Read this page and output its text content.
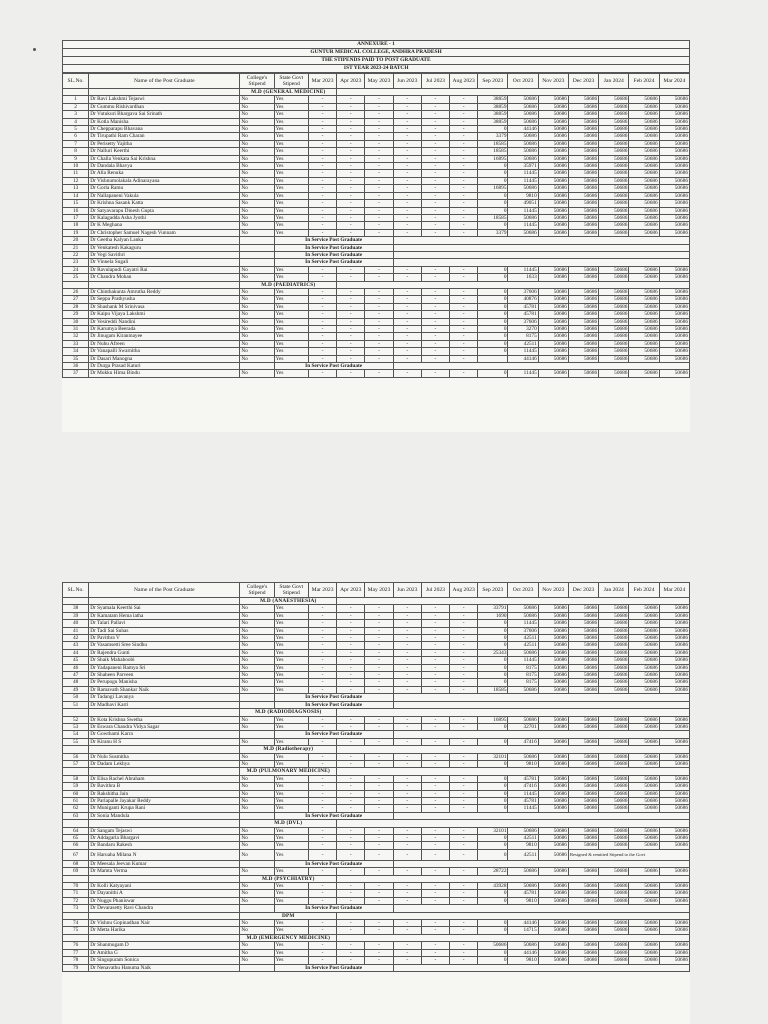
ANNEXURE - 1
GUNTUR MEDICAL COLLEGE, ANDHRA PRADESH
THE STIPENDS PAID TO POST GRADUATE
1ST YEAR 2023-24 BATCH
SL.No.	Name of the Post Graduate	College's Stipend	State Govt Stipend	Mar 2023	Apr 2023	May 2023	Jun 2023	Jul 2023	Aug 2023	Sep 2023	Oct 2023	Nov 2023	Dec 2023	Jan 2024	Feb 2024	Mar 2024
		M.D (GENERAL MEDICINE)														
1	Dr Ravi Lakshmi Tejaswi	No	Yes	-	-	-	-	-	-	38859	50686	50686	50686	50686	50686	50686
2	Dr Gummu Rishivardhan	No	Yes	-	-	-	-	-	-	38859	50686	50686	50686	50686	50686	50686
3	Dr Vutukuri Bhargava Sai Srinath	No	Yes	-	-	-	-	-	-	38859	50686	50686	50686	50686	50686	50686
4	Dr Kotla Manisha	No	Yes	-	-	-	-	-	-	38859	50686	50686	50686	50686	50686	50686
5	Dr Chepparapu Bhavana	No	Yes	-	-	-	-	-	-	0	44146	50686	50686	50686	50686	50686
6	Dr Tirupathi Ram Charan	No	Yes	-	-	-	-	-	-	3379	50686	50686	50686	50686	50686	50686
7	Dr Perisetty Yajitha	No	Yes	-	-	-	-	-	-	18585	50686	50686	50686	50686	50686	50686
8	Dr Nalluri Keerthi	No	Yes	-	-	-	-	-	-	18585	50686	50686	50686	50686	50686	50686
9	Dr Challa Venkata Sai Krishna	No	Yes	-	-	-	-	-	-	16895	50686	50686	50686	50686	50686	50686
10	Dr Dandala Bhavya	No	Yes	-	-	-	-	-	-	0	35971	50686	50686	50686	50686	50686
11	Dr Alla Renuka	No	Yes	-	-	-	-	-	-	0	11445	50686	50686	50686	50686	50686
12	Dr Vishnumolakala Adinarayana	No	Yes	-	-	-	-	-	-	0	11445	50686	50686	50686	50686	50686
13	Dr Gorla Ramu	No	Yes	-	-	-	-	-	-	16895	50686	50686	50686	50686	50686	50686
14	Dr Nallapaneni Vakula	No	Yes	-	-	-	-	-	-	0	9810	50686	50686	50686	50686	50686
15	Dr Krishna Sasank Katta	No	Yes	-	-	-	-	-	-	0	49051	50686	50686	50686	50686	50686
16	Dr Satyavarapu Dinesh Gupta	No	Yes	-	-	-	-	-	-	0	11445	50686	50686	50686	50686	50686
17	Dr Kalagadda Asha Jyothi	No	Yes	-	-	-	-	-	-	18585	50686	50686	50686	50686	50686	50686
18	Dr K Meghana	No	Yes	-	-	-	-	-	-	0	11445	50686	50686	50686	50686	50686
19	Dr Christopher Samuel Nagesh Vunnam	No	Yes	-	-	-	-	-	-	3379	50686	50686	50686	50686	50686	50686
20	Dr Geetha Kalyan Lanka		In Service Post Graduate													
21	Dr Venkatesh Kakaguru		In Service Post Graduate													
22	Dr Vegi Savithri		In Service Post Graduate													
23	Dr Vinnela Sugali		In Service Post Graduate													
24	Dr Ravulapudi Gayatri Rai	No	Yes	-	-	-	-	-	-	0	11445	50686	50686	50686	50686	50686
25	Dr Chandra Mohan	No	Yes	-	-	-	-	-	-	0	1633	50686	50686	50686	50686	50686
		M.D (PAEDIATRICS)														
26	Dr Chinthakunta Amrutha Reddy	No	Yes	-	-	-	-	-	-	0	37606	50686	50686	50686	50686	50686
27	Dr Seppa Prathyusha	No	Yes	-	-	-	-	-	-	0	40876	50686	50686	50686	50686	50686
28	Dr Shashank M Srinivasa	No	Yes	-	-	-	-	-	-	0	45781	50686	50686	50686	50686	50686
29	Dr Kaipu Vijaya Lakshmi	No	Yes	-	-	-	-	-	-	0	45781	50686	50686	50686	50686	50686
30	Dr Vesireddi Nandini	No	Yes	-	-	-	-	-	-	0	37606	50686	50686	50686	50686	50686
31	Dr Karumya Beerada	No	Yes	-	-	-	-	-	-	0	3270	50686	50686	50686	50686	50686
32	Dr Jinugam Kiranmayee	No	Yes	-	-	-	-	-	-	0	8175	50686	50686	50686	50686	50686
33	Dr Nuhu Afreen	No	Yes	-	-	-	-	-	-	0	42511	50686	50686	50686	50686	50686
34	Dr Vanapalli Swarnitha	No	Yes	-	-	-	-	-	-	0	11445	50686	50686	50686	50686	50686
35	Dr Dasari Manogna	No	Yes	-	-	-	-	-	-		44146	50686	50686	50686	50686	50686
36	Dr Durga Prasad Katuri		In Service Post Graduate													
37	Dr Mukku Hima Bindu	No	Yes	-	-	-	-	-	-	0	11445	50686	50686	50686	50686	50686
SL.No.	Name of the Post Graduate	College's Stipend	State Govt Stipend	Mar 2023	Apr 2023	May 2023	Jun 2023	Jul 2023	Aug 2023	Sep 2023	Oct 2023	Nov 2023	Dec 2023	Jan 2024	Feb 2024	Mar 2024
		M.D (ANAESTHESIA)														
38	Dr Syamala Keerthi Sai	No	Yes	-	-	-	-	-	-	33791	50686	50686	50686	50686	50686	50686
39	Dr Kamatam Hema latha	No	Yes	-	-	-	-	-	-	1690	50686	50686	50686	50686	50686	50686
40	Dr Talari Pallavi	No	Yes	-	-	-	-	-	-	0	11445	50686	50686	50686	50686	50686
41	Dr Tadi Sai Suhas	No	Yes	-	-	-	-	-	-	0	37606	50686	50686	50686	50686	50686
42	Dr Pavithra V	No	Yes	-	-	-	-	-	-	0	42511	50686	50686	50686	50686	50686
43	Dr Vasamsetti Sree Sindhu	No	Yes	-	-	-	-	-	-	0	42511	50686	50686	50686	50686	50686
44	Dr Rajendra Gunti	No	Yes	-	-	-	-	-	-	25343	50686	50686	50686	50686	50686	50686
45	Dr Shaik Mahaboobi	No	Yes	-	-	-	-	-	-	0	11445	50686	50686	50686	50686	50686
46	Dr Yadapaneni Ramya Sri	No	Yes	-	-	-	-	-	-	0	8175	50686	50686	50686	50686	50686
47	Dr Shaheen Parveen	No	Yes	-	-	-	-	-	-	0	8175	50686	50686	50686	50686	50686
48	Dr Perupogu Manisha	No	Yes	-	-	-	-	-	-	0	8175	50686	50686	50686	50686	50686
49	Dr Ramavath Shankar Naik	No	Yes	-	-	-	-	-	-	18585	50686	50686	50686	50686	50686	50686
50	Dr Tadangi Lavanya		In Service Post Graduate													
51	Dr Madhavi Karri		In Service Post Graduate													
		M.D (RADIODIAGNOSIS)														
52	Dr Kota Krishna Swetha	No	Yes	-	-	-	-	-	-	16895	50686	50686	50686	50686	50686	50686
53	Dr Eswara Chandra Vidya Sagar	No	Yes	-	-	-	-	-	-	0	32701	50686	50686	50686	50686	50686
54	Dr Gowthami Karra		In Service Post Graduate													
55	Dr Kiranu H S	No	Yes	-	-	-	-	-	-	0	47416	50686	50686	50686	50686	50686
		M.D (Radiotherapy)														
56	Dr Nulu Susmitha	No	Yes	-	-	-	-	-	-	32101	50686	50686	50686	50686	50686	50686
57	Dr Dadam Lekhya	No	Yes	-	-	-	-	-	-	0	9810	50686	50686	50686	50686	50686
		M.D (PULMONARY MEDICINE)														
58	Dr Elisa Rachel Abraham	No	Yes	-	-	-	-	-	-	0	45781	50686	50686	50686	50686	50686
59	Dr Bavithra B	No	Yes	-	-	-	-	-	-	0	47416	50686	50686	50686	50686	50686
60	Dr Rakshitha Jain	No	Yes	-	-	-	-	-	-	0	11445	50686	50686	50686	50686	50686
61	Dr Parlapalle Jayakar Reddy	No	Yes	-	-	-	-	-	-	0	45781	50686	50686	50686	50686	50686
62	Dr Muniganti Krupa Rani	No	Yes	-	-	-	-	-	-	0	11445	50686	50686	50686	50686	50686
63	Dr Sonia Mandula		In Service Post Graduate													
		M.D (DVL)														
64	Dr Sangam Tejaswi	No	Yes	-	-	-	-	-	-	32101	50686	50686	50686	50686	50686	50686
65	Dr Addagarla Bhargavi	No	Yes	-	-	-	-	-	-	0	42511	50686	50686	50686	50686	50686
66	Dr Bandaru Rakesh	No	Yes	-	-	-	-	-	-	0	9810	50686	50686	50686	50686	50686
67	Dr Haruaha Milana N	No	Yes	-	-	-	-	-	-	0	42511	50686	Resigned & remitted Stipend to the Govt			
68	Dr Meesala Jeevan Kumar		In Service Post Graduate													
69	Dr Mamta Verma	No	Yes	-	-	-	-	-	-	28722	50686	50686	50686	50686	50686	50686
		M.D (PSYCHIATRY)														
70	Dr Kolli Katyayani	No	Yes	-	-	-	-	-	-	43928	50686	50686	50686	50686	50686	50686
71	Dr Dayanithi A	No	Yes	-	-	-	-	-	-	0	45781	50686	50686	50686	50686	50686
72	Dr Nuggu Phaniswar	No	Yes	-	-	-	-	-	-	0	9810	50686	50686	50686	50686	50686
73	Dr Devarasetty Ravi Chandra		In Service Post Graduate													
		DPM														
74	Dr Vishnu Gopinadhan Nair	No	Yes	-	-	-	-	-	-	0	44146	50686	50686	50686	50686	50686
75	Dr Metta Harika	No	Yes	-	-	-	-	-	-	0	14715	50686	50686	50686	50686	50686
		M.D (EMERGENCY MEDICINE)														
76	Dr Shanmugam D	No	Yes	-	-	-	-	-	-	50686	50686	50686	50686	50686	50686	50686
77	Dr Amitha G	No	Yes	-	-	-	-	-	-	0	44146	50686	50686	50686	50686	50686
78	Dr Singupuram Sonica	No	Yes	-	-	-	-	-	-	0	9810	50686	50686	50686	50686	50686
79	Dr Nenavathu Hanuma Naik		In Service Post Graduate													
